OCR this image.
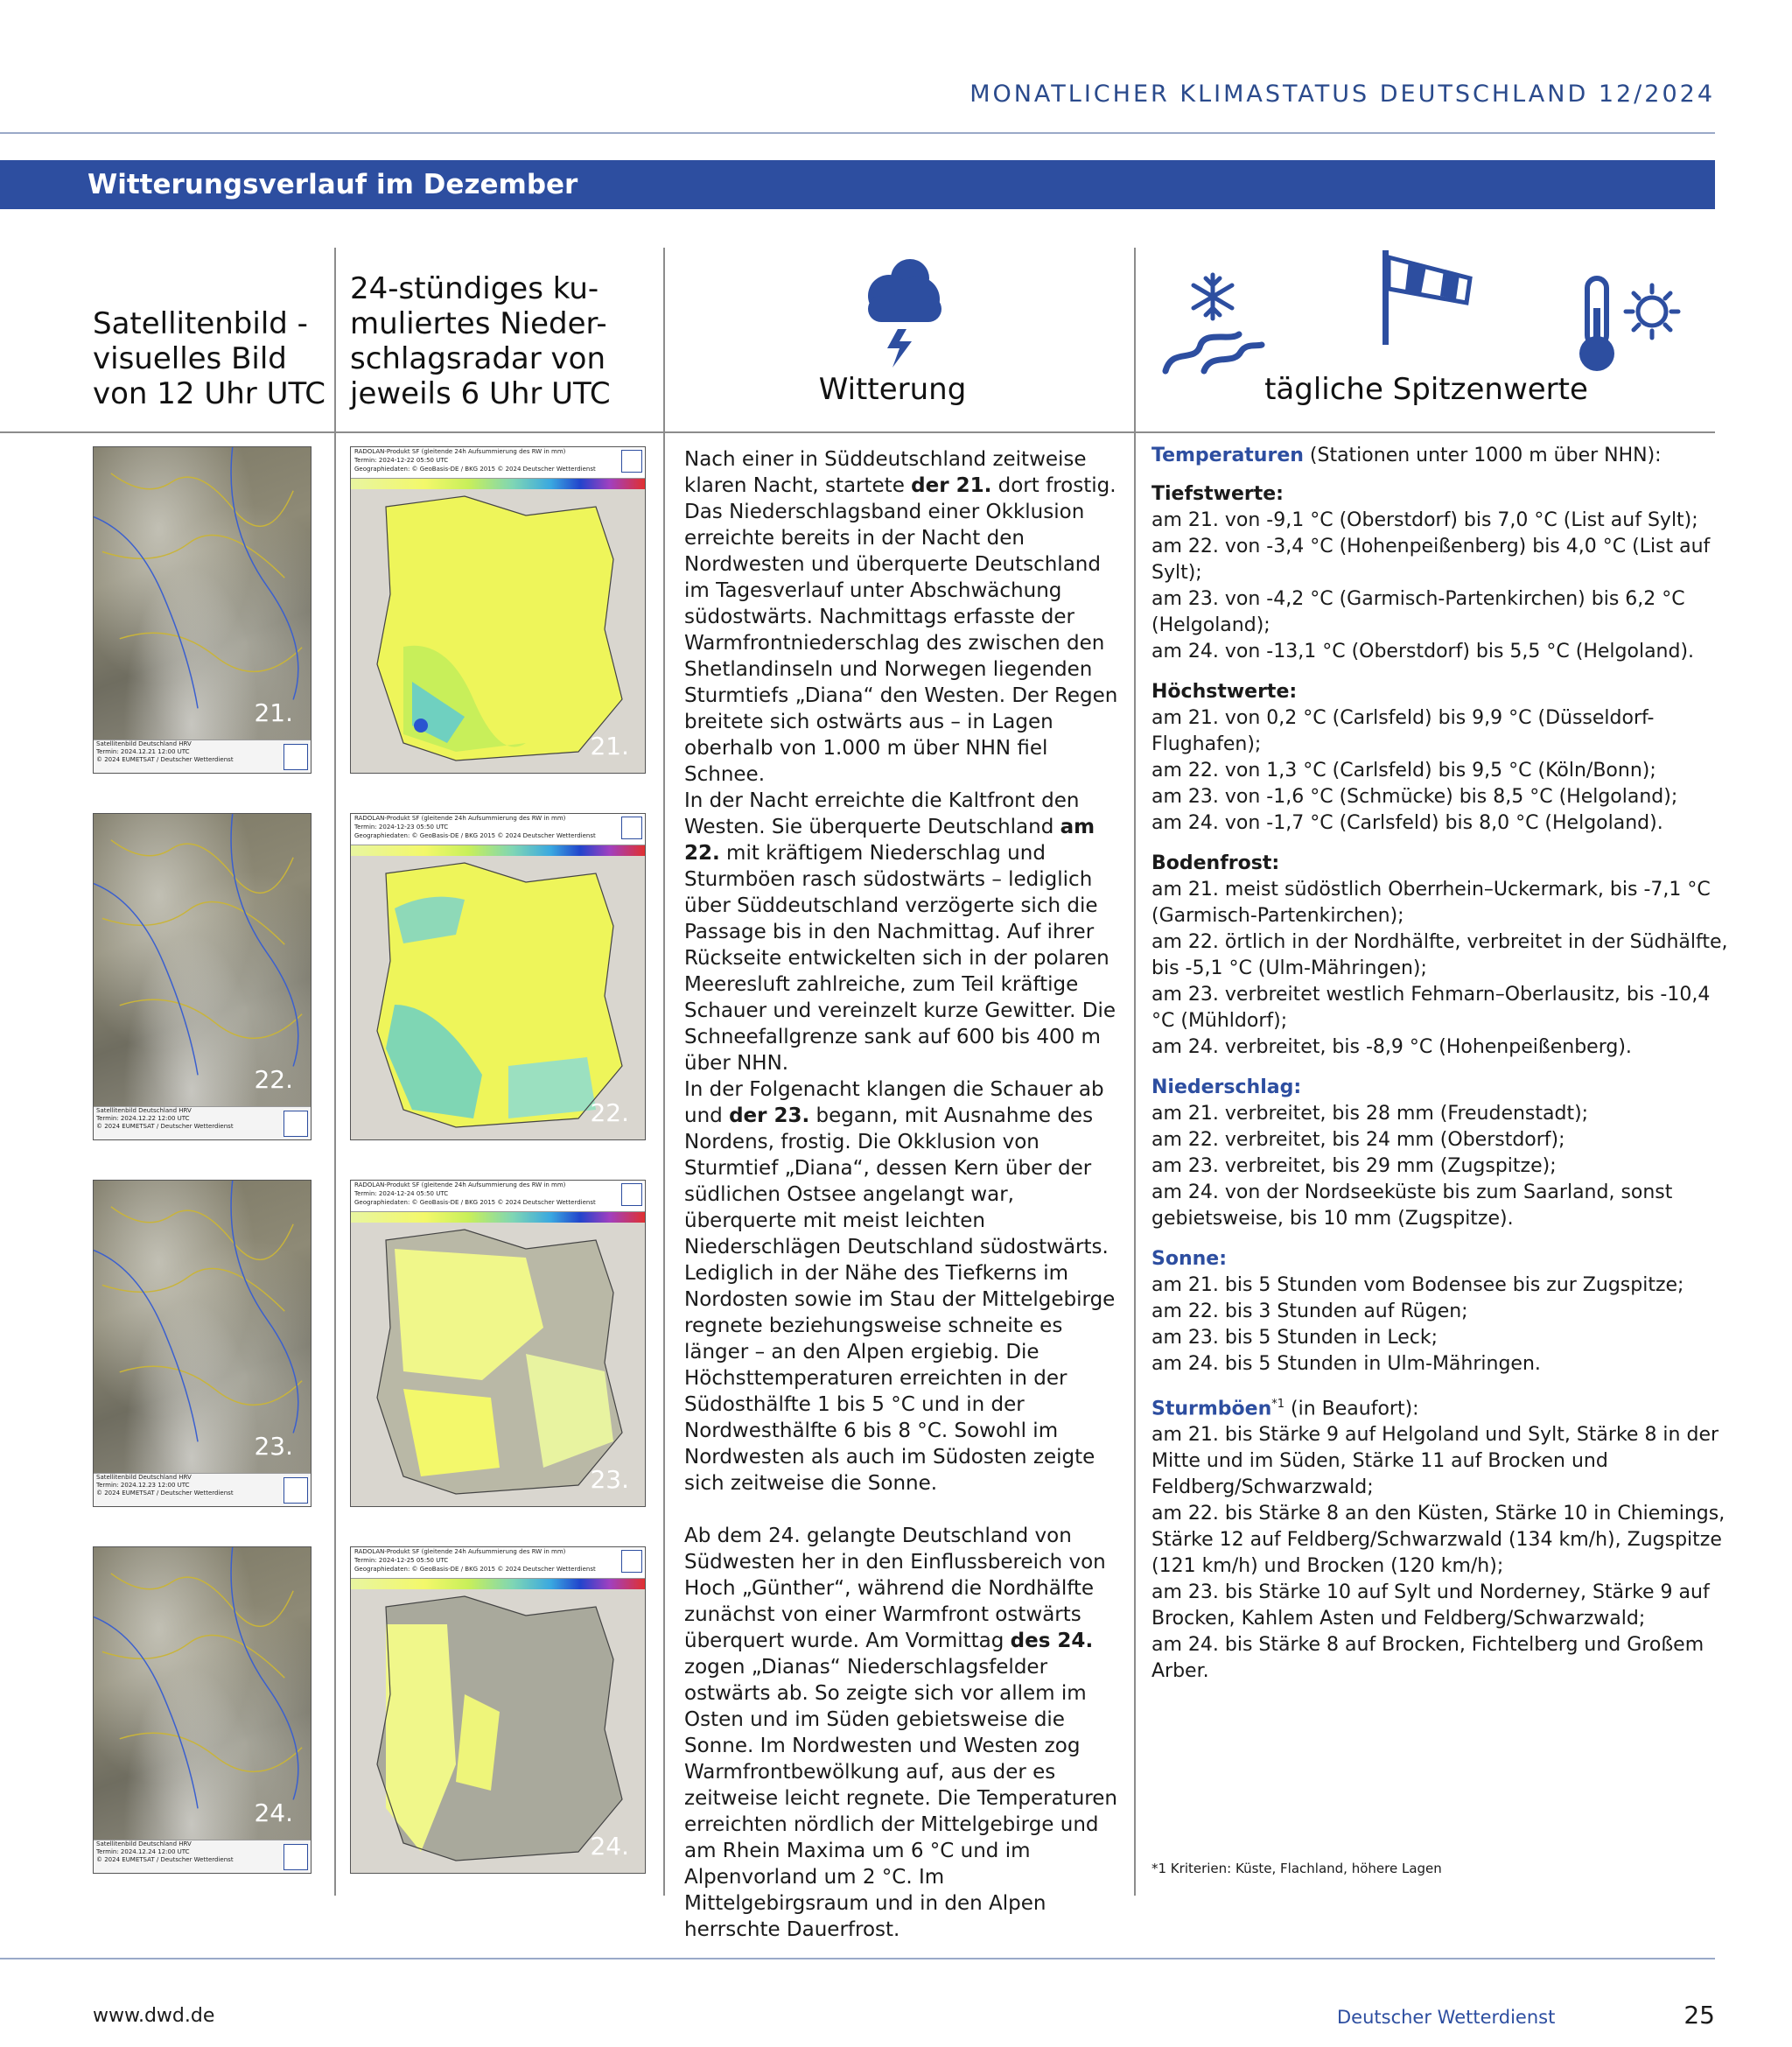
MONATLICHER KLIMASTATUS DEUTSCHLAND 12/2024
Witterungsverlauf im Dezember
Satellitenbild - visuelles Bild von 12 Uhr UTC
24-stündiges ku-muliertes Nieder-schlagsradar von jeweils 6 Uhr UTC	Witterung	tägliche Spitzenwerte
21.
Satellitenbild Deutschland HRV
Termin: 2024.12.21 12:00 UTC
© 2024 EUMETSAT / Deutscher Wetterdienst
22.
Satellitenbild Deutschland HRV
Termin: 2024.12.22 12:00 UTC
© 2024 EUMETSAT / Deutscher Wetterdienst
23.
Satellitenbild Deutschland HRV
Termin: 2024.12.23 12:00 UTC
© 2024 EUMETSAT / Deutscher Wetterdienst
24.
Satellitenbild Deutschland HRV
Termin: 2024.12.24 12:00 UTC
© 2024 EUMETSAT / Deutscher Wetterdienst
RADOLAN-Produkt SF (gleitende 24h Aufsummierung des RW in mm)
Termin: 2024-12-22 05:50 UTC
Geographiedaten: © GeoBasis-DE / BKG 2015 © 2024 Deutscher Wetterdienst
21.
RADOLAN-Produkt SF (gleitende 24h Aufsummierung des RW in mm)
Termin: 2024-12-23 05:50 UTC
Geographiedaten: © GeoBasis-DE / BKG 2015 © 2024 Deutscher Wetterdienst
22.
RADOLAN-Produkt SF (gleitende 24h Aufsummierung des RW in mm)
Termin: 2024-12-24 05:50 UTC
Geographiedaten: © GeoBasis-DE / BKG 2015 © 2024 Deutscher Wetterdienst
23.
RADOLAN-Produkt SF (gleitende 24h Aufsummierung des RW in mm)
Termin: 2024-12-25 05:50 UTC
Geographiedaten: © GeoBasis-DE / BKG 2015 © 2024 Deutscher Wetterdienst
24.

Nach einer in Süddeutschland zeitweise klaren Nacht, startete der 21. dort frostig. Das Niederschlagsband einer Okklusion erreichte bereits in der Nacht den Nordwesten und überquerte Deutschland im Tagesverlauf unter Abschwächung südostwärts. Nachmittags erfasste der Warmfrontniederschlag des zwischen den Shetlandinseln und Norwegen liegenden Sturmtiefs „Diana“ den Westen. Der Regen breitete sich ostwärts aus – in Lagen oberhalb von 1.000 m über NHN fiel Schnee.

In der Nacht erreichte die Kaltfront den Westen. Sie überquerte Deutschland am 22. mit kräftigem Niederschlag und Sturmböen rasch südostwärts – lediglich über Süddeutschland verzögerte sich die Passage bis in den Nachmittag. Auf ihrer Rückseite entwickelten sich in der polaren Meeresluft zahlreiche, zum Teil kräftige Schauer und vereinzelt kurze Gewitter. Die Schneefallgrenze sank auf 600 bis 400 m über NHN.

In der Folgenacht klangen die Schauer ab und der 23. begann, mit Ausnahme des Nordens, frostig. Die Okklusion von Sturmtief „Diana“, dessen Kern über der südlichen Ostsee angelangt war, überquerte mit meist leichten Niederschlägen Deutschland südostwärts. Lediglich in der Nähe des Tiefkerns im Nordosten sowie im Stau der Mittelgebirge regnete beziehungsweise schneite es länger – an den Alpen ergiebig. Die Höchsttemperaturen erreichten in der Südosthälfte 1 bis 5 °C und in der Nordwesthälfte 6 bis 8 °C. Sowohl im Nordwesten als auch im Südosten zeigte sich zeitweise die Sonne.

Ab dem 24. gelangte Deutschland von Südwesten her in den Einflussbereich von Hoch „Günther“, während die Nordhälfte zunächst von einer Warmfront ostwärts überquert wurde. Am Vormittag des 24. zogen „Dianas“ Niederschlagsfelder ostwärts ab. So zeigte sich vor allem im Osten und im Süden gebietsweise die Sonne. Im Nordwesten und Westen zog Warmfrontbewölkung auf, aus der es zeitweise leicht regnete. Die Temperaturen erreichten nördlich der Mittelgebirge und am Rhein Maxima um 6 °C und im Alpenvorland um 2 °C. Im Mittelgebirgsraum und in den Alpen herrschte Dauerfrost.

Temperaturen (Stationen unter 1000 m über NHN):
Tiefstwerte:
am 21. von -9,1 °C (Oberstdorf) bis 7,0 °C (List auf Sylt);
am 22. von -3,4 °C (Hohenpeißenberg) bis 4,0 °C (List auf Sylt);
am 23. von -4,2 °C (Garmisch-Partenkirchen) bis 6,2 °C (Helgoland);
am 24. von -13,1 °C (Oberstdorf) bis 5,5 °C (Helgoland).
Höchstwerte:
am 21. von 0,2 °C (Carlsfeld) bis 9,9 °C (Düsseldorf-Flughafen);
am 22. von 1,3 °C (Carlsfeld) bis 9,5 °C (Köln/Bonn);
am 23. von -1,6 °C (Schmücke) bis 8,5 °C (Helgoland);
am 24. von -1,7 °C (Carlsfeld) bis 8,0 °C (Helgoland).
Bodenfrost:
am 21. meist südöstlich Oberrhein–Uckermark, bis -7,1 °C (Garmisch-Partenkirchen);
am 22. örtlich in der Nordhälfte, verbreitet in der Südhälfte, bis -5,1 °C (Ulm-Mähringen);
am 23. verbreitet westlich Fehmarn–Oberlausitz, bis -10,4 °C (Mühldorf);
am 24. verbreitet, bis -8,9 °C (Hohenpeißenberg).
Niederschlag:
am 21. verbreitet, bis 28 mm (Freudenstadt);
am 22. verbreitet, bis 24 mm (Oberstdorf);
am 23. verbreitet, bis 29 mm (Zugspitze);
am 24. von der Nordseeküste bis zum Saarland, sonst gebietsweise, bis 10 mm (Zugspitze).
Sonne:
am 21. bis 5 Stunden vom Bodensee bis zur Zugspitze;
am 22. bis 3 Stunden auf Rügen;
am 23. bis 5 Stunden in Leck;
am 24. bis 5 Stunden in Ulm-Mähringen.
Sturmböen$^{*1}$ (in Beaufort):
am 21. bis Stärke 9 auf Helgoland und Sylt, Stärke 8 in der Mitte und im Süden, Stärke 11 auf Brocken und Feldberg/Schwarzwald;
am 22. bis Stärke 8 an den Küsten, Stärke 10 in Chiemings, Stärke 12 auf Feldberg/Schwarzwald (134 km/h), Zugspitze (121 km/h) und Brocken (120 km/h);
am 23. bis Stärke 10 auf Sylt und Norderney, Stärke 9 auf Brocken, Kahlem Asten und Feldberg/Schwarzwald;
am 24. bis Stärke 8 auf Brocken, Fichtelberg und Großem Arber.
*1 Kriterien: Küste, Flachland, höhere Lagen
www.dwd.de	Deutscher Wetterdienst	25
